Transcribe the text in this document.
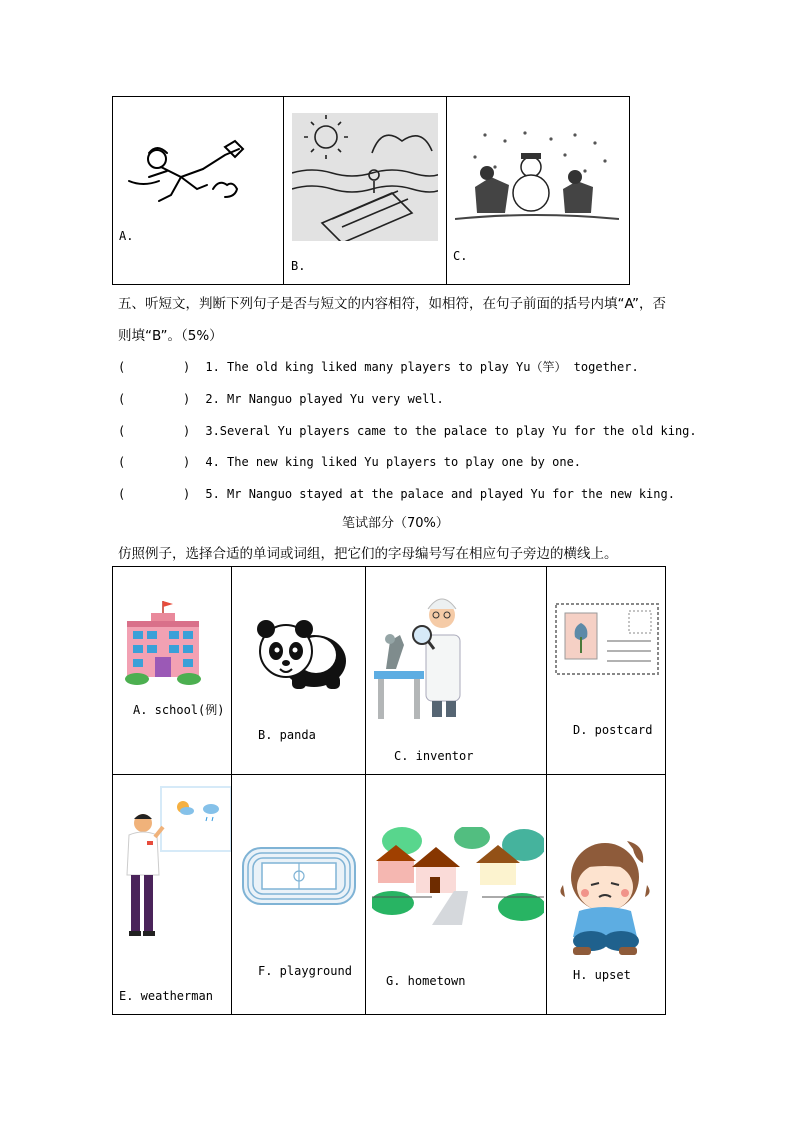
A.

B.

C.
五、听短文，判断下列句子是否与短文的内容相符，如相符，在句子前面的括号内填“A”，否
则填“B”。（5%）
(        ) 1. The old king liked many players to play Yu（竽） together.
(        ) 2. Mr Nanguo played Yu very well.
(        ) 3.Several Yu players came to the palace to play Yu for the old king.
(        ) 4. The new king liked Yu players to play one by one.
(        ) 5. Mr Nanguo stayed at the palace and played Yu for the new king.
笔试部分（70%）
仿照例子，选择合适的单词或词组，把它们的字母编号写在相应句子旁边的横线上。
A. school(例)	B. panda	C. inventor	D. postcard

E. weatherman	F. playground	G. hometown	H. upset
